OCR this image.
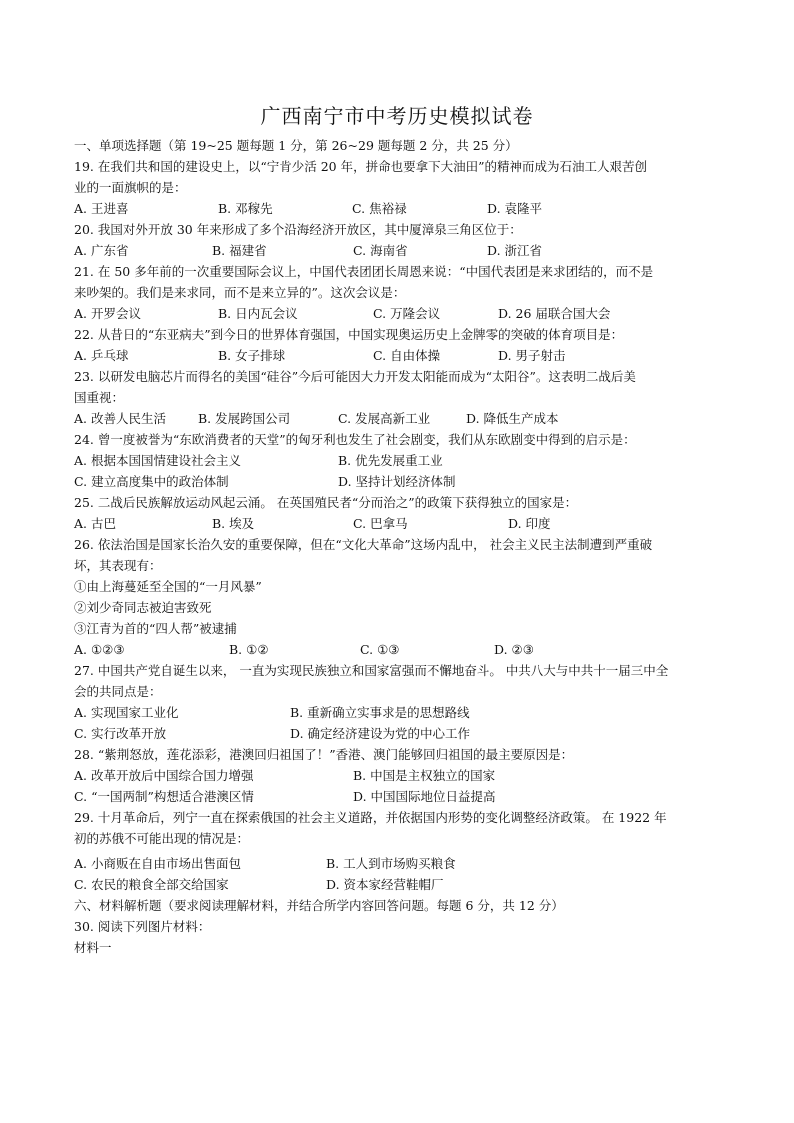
广西南宁市中考历史模拟试卷
一、单项选择题（第 19~25 题每题 1 分，第 26~29 题每题 2 分，共 25 分）
19. 在我们共和国的建设史上，以“宁肯少活 20 年，拼命也要拿下大油田”的精神而成为石油工人艰苦创
业的一面旗帜的是：
A. 王进喜	B. 邓稼先	C. 焦裕禄	D. 袁隆平
20. 我国对外开放 30 年来形成了多个沿海经济开放区，其中厦漳泉三角区位于：
A. 广东省	B. 福建省	C. 海南省	D. 浙江省
21. 在 50 多年前的一次重要国际会议上，中国代表团团长周恩来说：“中国代表团是来求团结的，而不是
来吵架的。我们是来求同，而不是来立异的”。这次会议是：
A. 开罗会议	B. 日内瓦会议	C. 万隆会议	D. 26 届联合国大会
22. 从昔日的“东亚病夫”到今日的世界体育强国，中国实现奥运历史上金牌零的突破的体育项目是：
A. 乒乓球	B. 女子排球	C. 自由体操	D. 男子射击
23. 以研发电脑芯片而得名的美国“硅谷”今后可能因大力开发太阳能而成为“太阳谷”。这表明二战后美
国重视：
A. 改善人民生活	B. 发展跨国公司	C. 发展高新工业	D. 降低生产成本
24. 曾一度被誉为“东欧消费者的天堂”的匈牙利也发生了社会剧变，我们从东欧剧变中得到的启示是：
A. 根据本国国情建设社会主义	B. 优先发展重工业
C. 建立高度集中的政治体制	D. 坚持计划经济体制
25. 二战后民族解放运动风起云涌。 在英国殖民者“分而治之”的政策下获得独立的国家是：
A. 古巴	B. 埃及	C. 巴拿马	D. 印度
26. 依法治国是国家长治久安的重要保障，但在“文化大革命”这场内乱中， 社会主义民主法制遭到严重破
坏，其表现有：
①由上海蔓延至全国的“一月风暴”
②刘少奇同志被迫害致死
③江青为首的“四人帮”被逮捕
A. ①②③	B. ①②	C. ①③	D. ②③
27. 中国共产党自诞生以来， 一直为实现民族独立和国家富强而不懈地奋斗。 中共八大与中共十一届三中全
会的共同点是：
A. 实现国家工业化	B. 重新确立实事求是的思想路线
C. 实行改革开放	D. 确定经济建设为党的中心工作
28. “紫荆怒放，莲花添彩，港澳回归祖国了！”香港、澳门能够回归祖国的最主要原因是：
A. 改革开放后中国综合国力增强	B. 中国是主权独立的国家
C. “一国两制”构想适合港澳区情	D. 中国国际地位日益提高
29. 十月革命后，列宁一直在探索俄国的社会主义道路，并依据国内形势的变化调整经济政策。 在 1922 年
初的苏俄不可能出现的情况是：
A. 小商贩在自由市场出售面包	B. 工人到市场购买粮食
C. 农民的粮食全部交给国家	D. 资本家经营鞋帽厂
六、材料解析题（要求阅读理解材料，并结合所学内容回答问题。每题 6 分，共 12 分）
30. 阅读下列图片材料：
材料一
